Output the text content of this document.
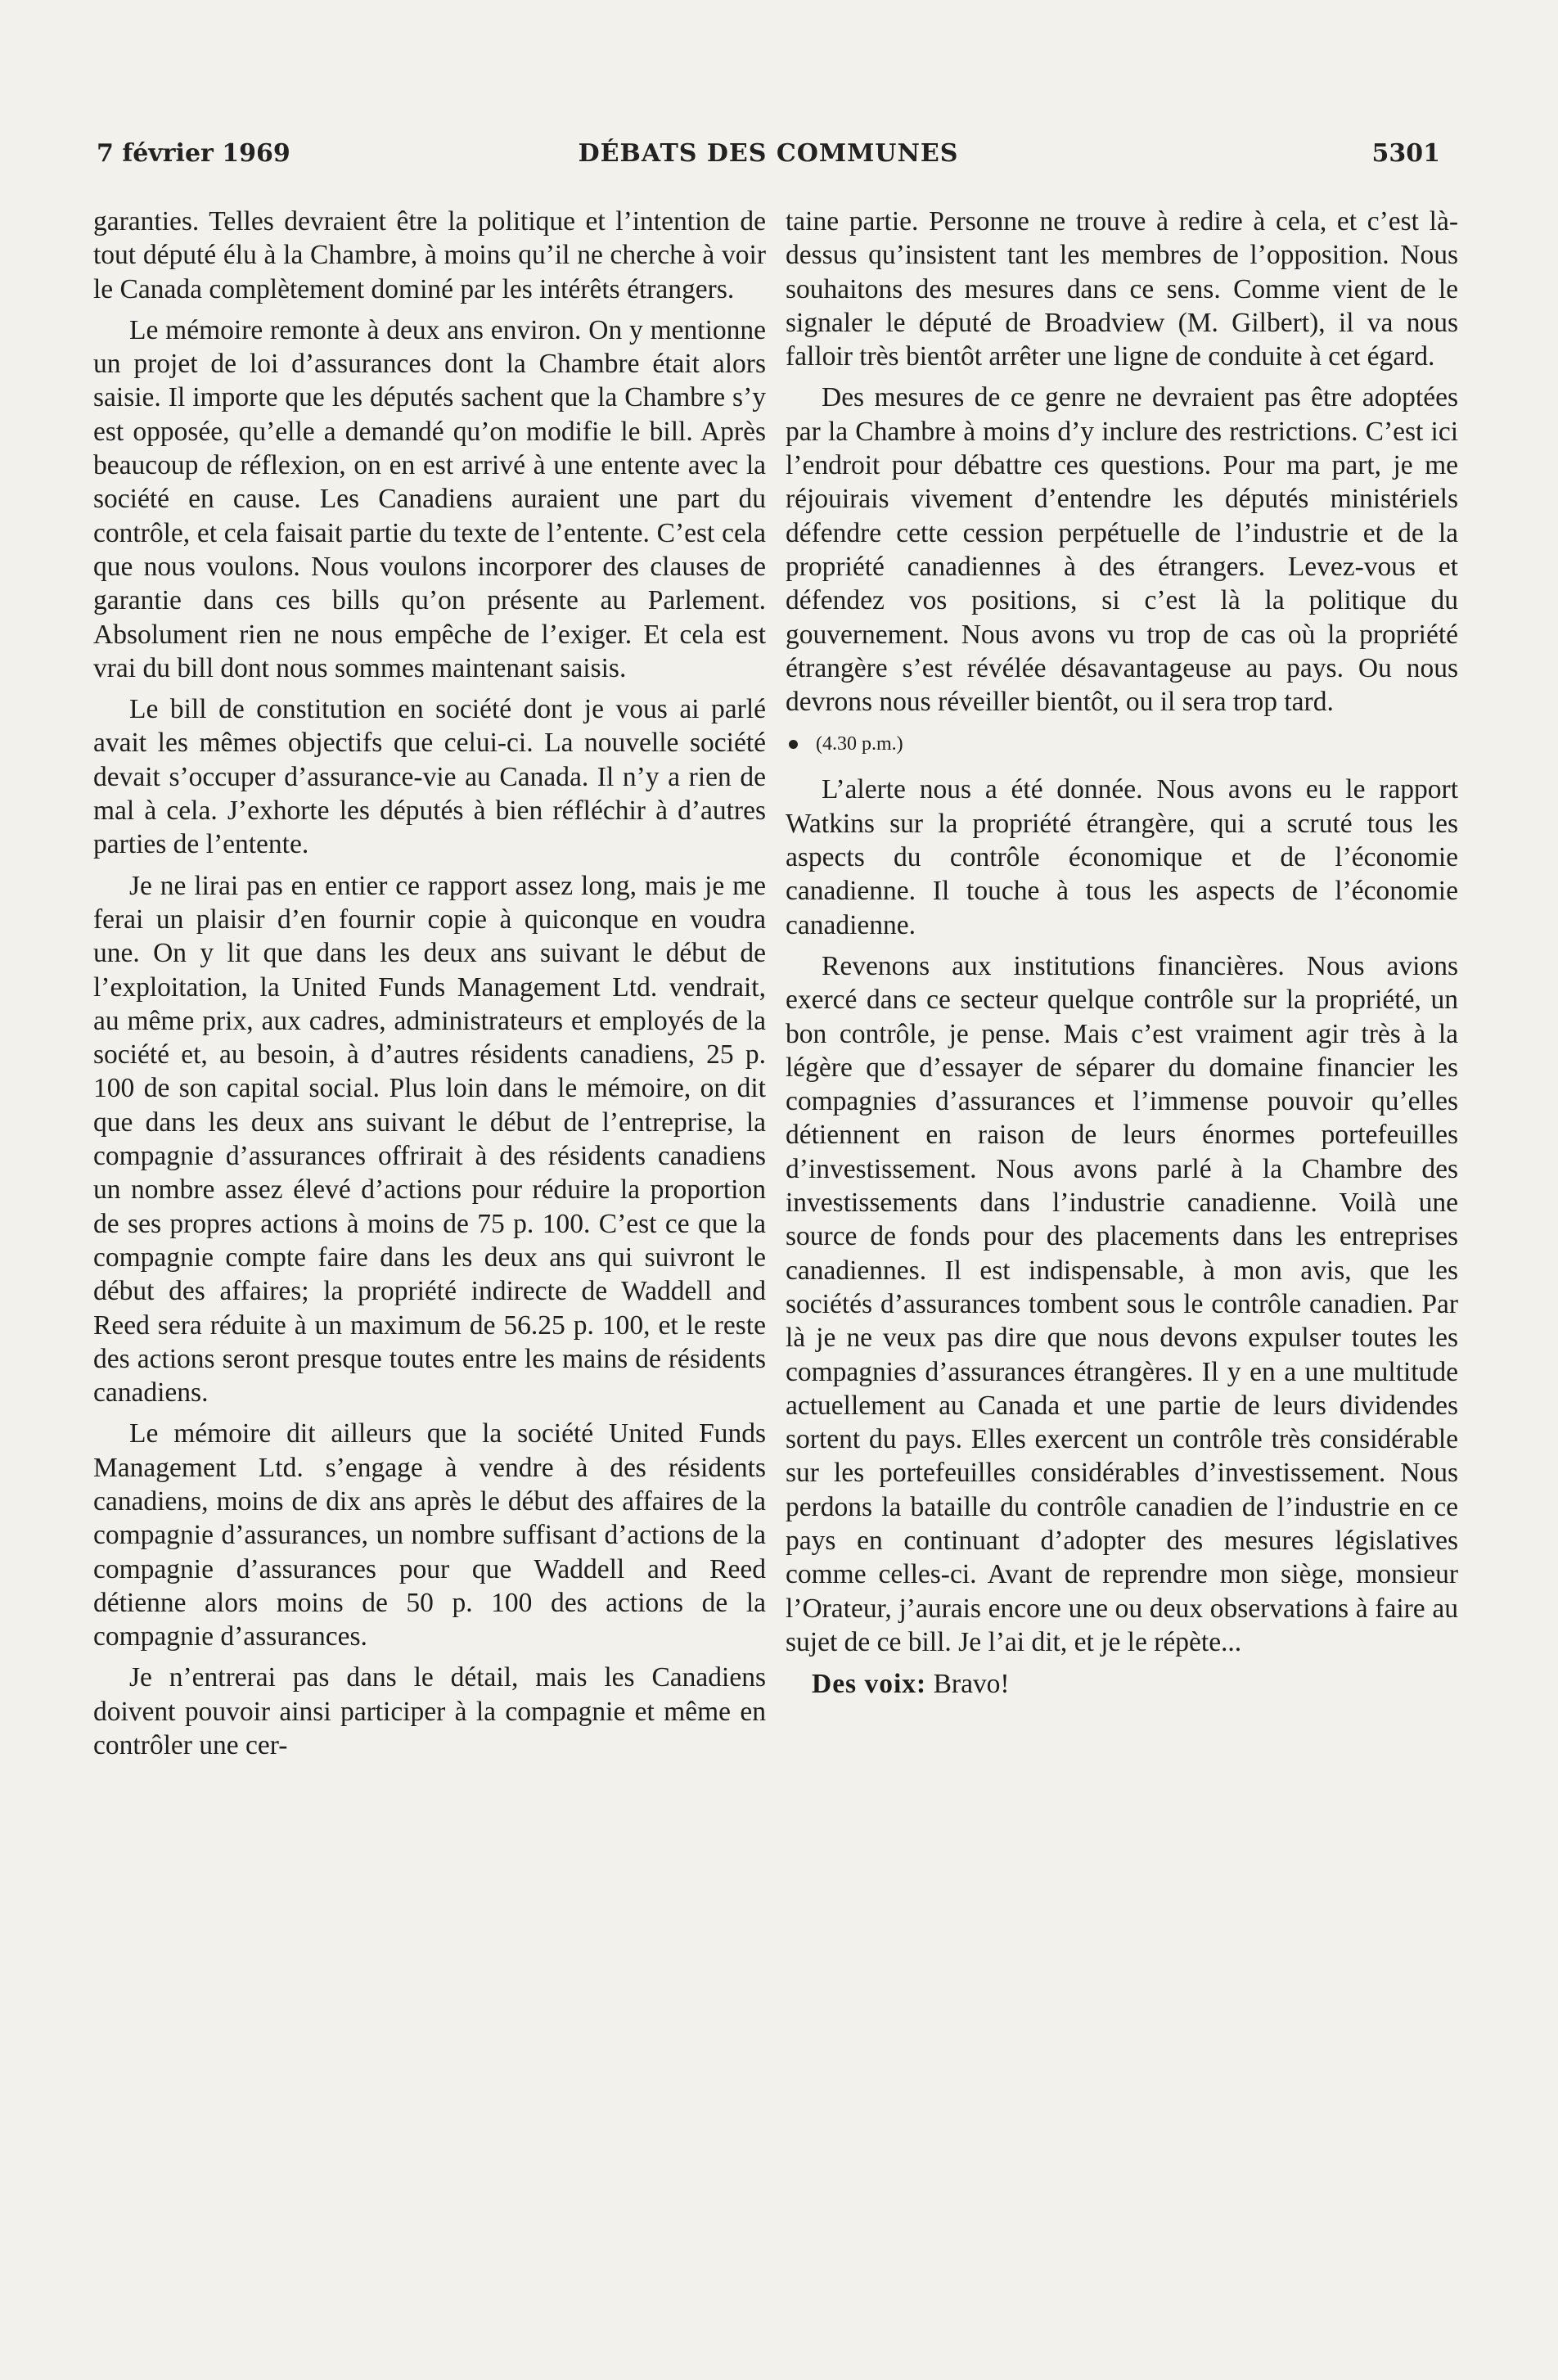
7 février 1969	DÉBATS DES COMMUNES	5301

garanties. Telles devraient être la politique et l’intention de tout député élu à la Chambre, à moins qu’il ne cherche à voir le Canada complètement dominé par les intérêts étrangers.

Le mémoire remonte à deux ans environ. On y mentionne un projet de loi d’assurances dont la Chambre était alors saisie. Il importe que les députés sachent que la Chambre s’y est opposée, qu’elle a demandé qu’on modifie le bill. Après beaucoup de réflexion, on en est arrivé à une entente avec la société en cause. Les Canadiens auraient une part du contrôle, et cela faisait partie du texte de l’entente. C’est cela que nous voulons. Nous voulons incorporer des clauses de garantie dans ces bills qu’on présente au Parlement. Absolument rien ne nous empêche de l’exiger. Et cela est vrai du bill dont nous sommes maintenant saisis.

Le bill de constitution en société dont je vous ai parlé avait les mêmes objectifs que celui-ci. La nouvelle société devait s’occuper d’assurance-vie au Canada. Il n’y a rien de mal à cela. J’exhorte les députés à bien réfléchir à d’autres parties de l’entente.

Je ne lirai pas en entier ce rapport assez long, mais je me ferai un plaisir d’en fournir copie à quiconque en voudra une. On y lit que dans les deux ans suivant le début de l’exploitation, la United Funds Management Ltd. vendrait, au même prix, aux cadres, administrateurs et employés de la société et, au besoin, à d’autres résidents canadiens, 25 p. 100 de son capital social. Plus loin dans le mémoire, on dit que dans les deux ans suivant le début de l’entreprise, la compagnie d’assurances offrirait à des résidents canadiens un nombre assez élevé d’actions pour réduire la proportion de ses propres actions à moins de 75 p. 100. C’est ce que la compagnie compte faire dans les deux ans qui suivront le début des affaires; la propriété indirecte de Waddell and Reed sera réduite à un maximum de 56.25 p. 100, et le reste des actions seront presque toutes entre les mains de résidents canadiens.

Le mémoire dit ailleurs que la société United Funds Management Ltd. s’engage à vendre à des résidents canadiens, moins de dix ans après le début des affaires de la compagnie d’assurances, un nombre suffisant d’actions de la compagnie d’assurances pour que Waddell and Reed détienne alors moins de 50 p. 100 des actions de la compagnie d’assurances.

Je n’entrerai pas dans le détail, mais les Canadiens doivent pouvoir ainsi participer à la compagnie et même en contrôler une cer-

taine partie. Personne ne trouve à redire à cela, et c’est là-dessus qu’insistent tant les membres de l’opposition. Nous souhaitons des mesures dans ce sens. Comme vient de le signaler le député de Broadview (M. Gilbert), il va nous falloir très bientôt arrêter une ligne de conduite à cet égard.

Des mesures de ce genre ne devraient pas être adoptées par la Chambre à moins d’y inclure des restrictions. C’est ici l’endroit pour débattre ces questions. Pour ma part, je me réjouirais vivement d’entendre les députés ministériels défendre cette cession perpétuelle de l’industrie et de la propriété canadiennes à des étrangers. Levez-vous et défendez vos positions, si c’est là la politique du gouvernement. Nous avons vu trop de cas où la propriété étrangère s’est révélée désavantageuse au pays. Ou nous devrons nous réveiller bientôt, ou il sera trop tard.

(4.30 p.m.)

L’alerte nous a été donnée. Nous avons eu le rapport Watkins sur la propriété étrangère, qui a scruté tous les aspects du contrôle économique et de l’économie canadienne. Il touche à tous les aspects de l’économie canadienne.

Revenons aux institutions financières. Nous avions exercé dans ce secteur quelque contrôle sur la propriété, un bon contrôle, je pense. Mais c’est vraiment agir très à la légère que d’essayer de séparer du domaine financier les compagnies d’assurances et l’immense pouvoir qu’elles détiennent en raison de leurs énormes portefeuilles d’investissement. Nous avons parlé à la Chambre des investissements dans l’industrie canadienne. Voilà une source de fonds pour des placements dans les entreprises canadiennes. Il est indispensable, à mon avis, que les sociétés d’assurances tombent sous le contrôle canadien. Par là je ne veux pas dire que nous devons expulser toutes les compagnies d’assurances étrangères. Il y en a une multitude actuellement au Canada et une partie de leurs dividendes sortent du pays. Elles exercent un contrôle très considérable sur les portefeuilles considérables d’investissement. Nous perdons la bataille du contrôle canadien de l’industrie en ce pays en continuant d’adopter des mesures législatives comme celles-ci. Avant de reprendre mon siège, monsieur l’Orateur, j’aurais encore une ou deux observations à faire au sujet de ce bill. Je l’ai dit, et je le répète...

Des voix: Bravo!
